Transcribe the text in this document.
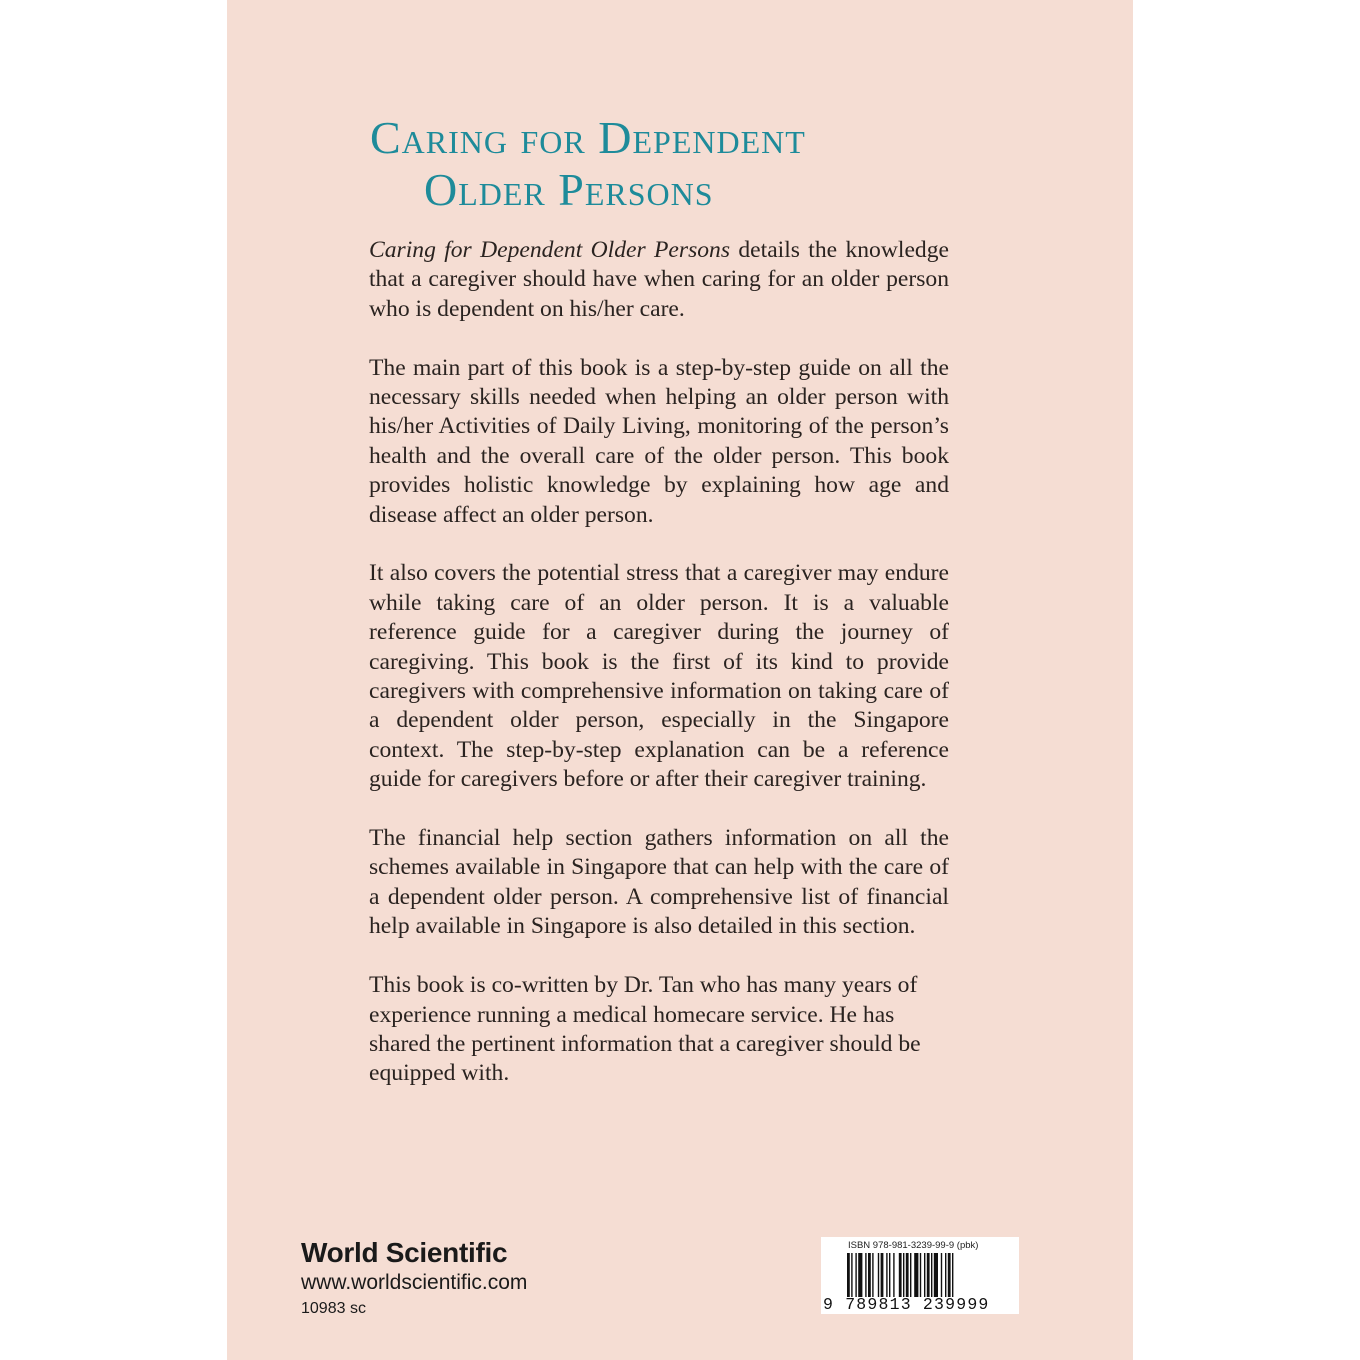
Caring for Dependent
Older Persons

Caring for Dependent Older Persons details the knowledge that a caregiver should have when caring for an older person who is dependent on his/her care.

The main part of this book is a step-by-step guide on all the necessary skills needed when helping an older person with his/her Activities of Daily Living, monitoring of the person’s health and the overall care of the older person. This book provides holistic knowledge by explaining how age and disease affect an older person.

It also covers the potential stress that a caregiver may endure while taking care of an older person. It is a valuable reference guide for a caregiver during the journey of caregiving. This book is the first of its kind to provide caregivers with comprehensive information on taking care of a dependent older person, especially in the Singapore context. The step-by-step explanation can be a reference guide for caregivers before or after their caregiver training.

The financial help section gathers information on all the schemes available in Singapore that can help with the care of a dependent older person. A comprehensive list of financial help available in Singapore is also detailed in this section.

This book is co-written by Dr. Tan who has many years of experience running a medical homecare service. He has shared the pertinent information that a caregiver should be equipped with.

World Scientific
www.worldscientific.com
10983 sc
ISBN 978-981-3239-99-9 (pbk)
9 789813 239999
